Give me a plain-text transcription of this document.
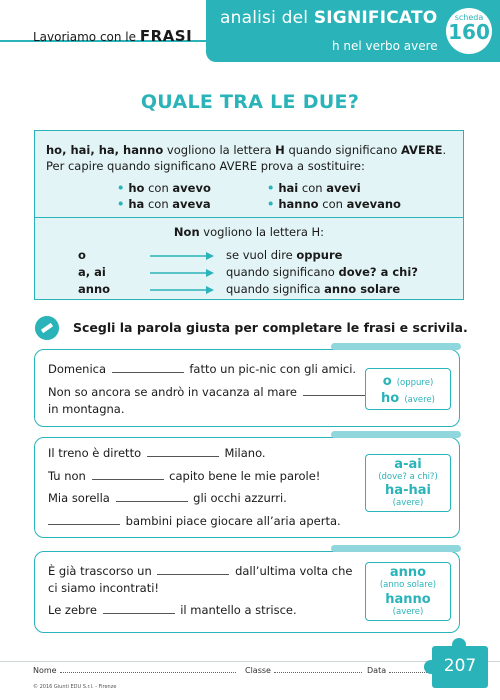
Lavoriamo con le FRASI
analisi del SIGNIFICATO
h nel verbo avere
scheda
160
QUALE TRA LE DUE?
ho, hai, ha, hanno vogliono la lettera H quando significano AVERE.
Per capire quando significano AVERE prova a sostituire:
• ho con avevo
• ha con aveva
• hai con avevi
• hanno con avevano
Non vogliono la lettera H:
o	se vuol dire oppure
a, ai	quando significano dove? a chi?
anno	quando significa anno solare
Scegli la parola giusta per completare le frasi e scrivila.
Domenica	fatto un pic-nic con gli amici.
Non so ancora se andrò in vacanza al mare
in montagna.
o (oppure)
ho (avere)
Il treno è diretto	Milano.
Tu non	capito bene le mie parole!
Mia sorella	gli occhi azzurri.
bambini piace giocare all’aria aperta.
a-ai
(dove? a chi?)
ha-hai
(avere)
È già trascorso un	dall’ultima volta che
ci siamo incontrati!
Le zebre	il mantello a strisce.
anno
(anno solare)
hanno
(avere)
Nome	Classe	Data
© 2016 Giunti EDU S.r.l. - Firenze
207
